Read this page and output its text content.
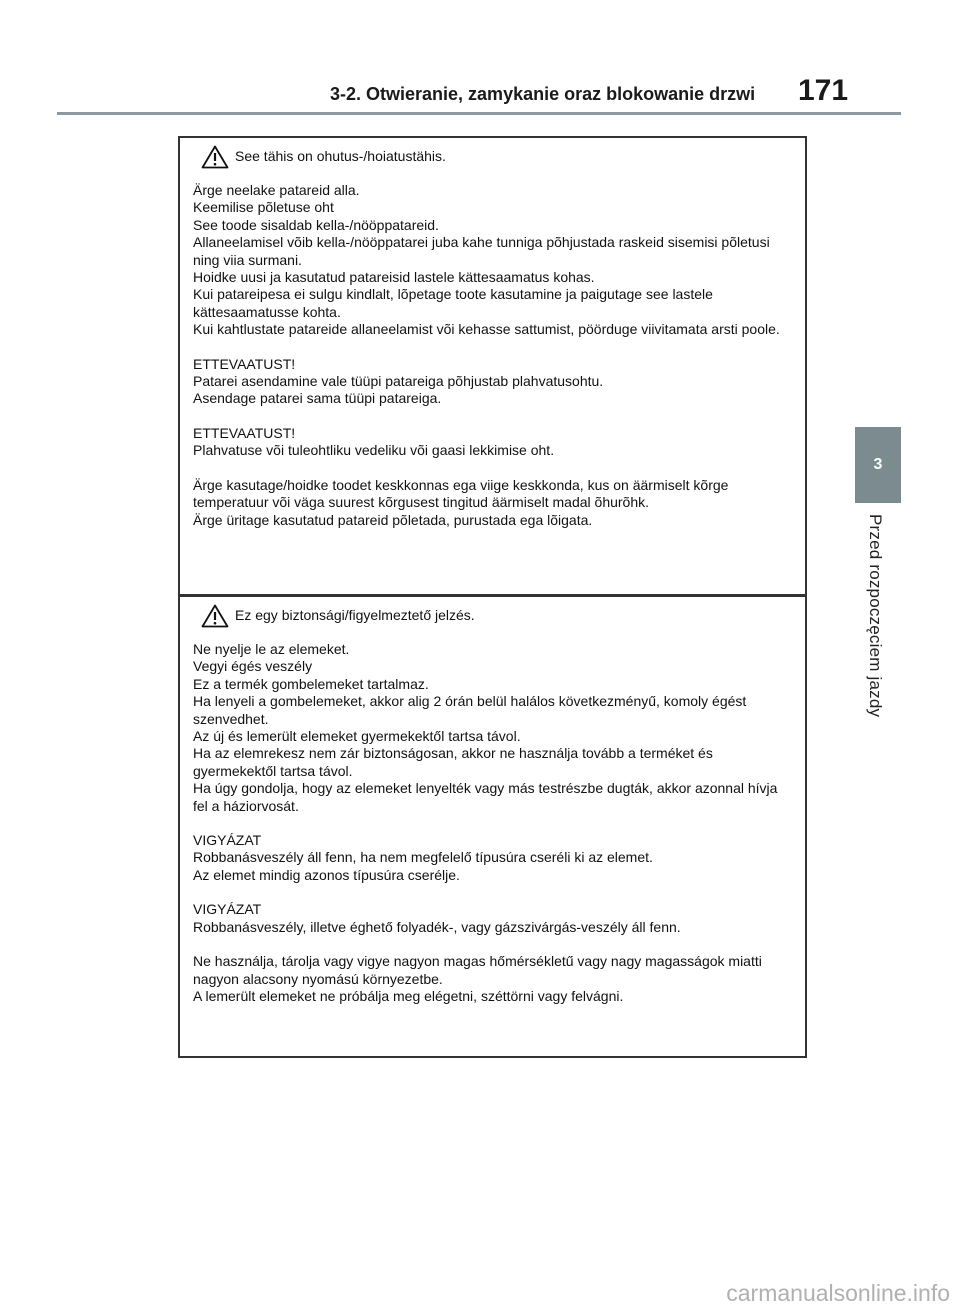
3-2. Otwieranie, zamykanie oraz blokowanie drzwi 171
See tähis on ohutus-/hoiatustähis.
Ärge neelake patareid alla.
Keemilise põletuse oht
See toode sisaldab kella-/nööppatareid.
Allaneelamisel võib kella-/nööppatarei juba kahe tunniga põhjustada raskeid sisemisi põletusi ning viia surmani.
Hoidke uusi ja kasutatud patareisid lastele kättesaamatus kohas.
Kui patareipesa ei sulgu kindlalt, lõpetage toote kasutamine ja paigutage see lastele kättesaamatusse kohta.
Kui kahtlustate patareide allaneelamist või kehasse sattumist, pöörduge viivitamata arsti poole.
ETTEVAATUST!
Patarei asendamine vale tüüpi patareiga põhjustab plahvatusohtu.
Asendage patarei sama tüüpi patareiga.
ETTEVAATUST!
Plahvatuse või tuleohtliku vedeliku või gaasi lekkimise oht.
Ärge kasutage/hoidke toodet keskkonnas ega viige keskkonda, kus on äärmiselt kõrge temperatuur või väga suurest kõrgusest tingitud äärmiselt madal õhurõhk.
Ärge üritage kasutatud patareid põletada, purustada ega lõigata.
Ez egy biztonsági/figyelmeztető jelzés.
Ne nyelje le az elemeket.
Vegyi égés veszély
Ez a termék gombelemeket tartalmaz.
Ha lenyeli a gombelemeket, akkor alig 2 órán belül halálos következményű, komoly égést szenvedhet.
Az új és lemerült elemeket gyermekektől tartsa távol.
Ha az elemrekesz nem zár biztonságosan, akkor ne használja tovább a terméket és gyermekektől tartsa távol.
Ha úgy gondolja, hogy az elemeket lenyelték vagy más testrészbe dugták, akkor azonnal hívja fel a háziorvosát.
VIGYÁZAT
Robbanásveszély áll fenn, ha nem megfelelő típusúra cseréli ki az elemet.
Az elemet mindig azonos típusúra cserélje.
VIGYÁZAT
Robbanásveszély, illetve éghető folyadék-, vagy gázszivárgás-veszély áll fenn.
Ne használja, tárolja vagy vigye nagyon magas hőmérsékletű vagy nagy magasságok miatti nagyon alacsony nyomású környezetbe.
A lemerült elemeket ne próbálja meg elégetni, széttörni vagy felvágni.
3
Przed rozpoczęciem jazdy
carmanualsonline.info
